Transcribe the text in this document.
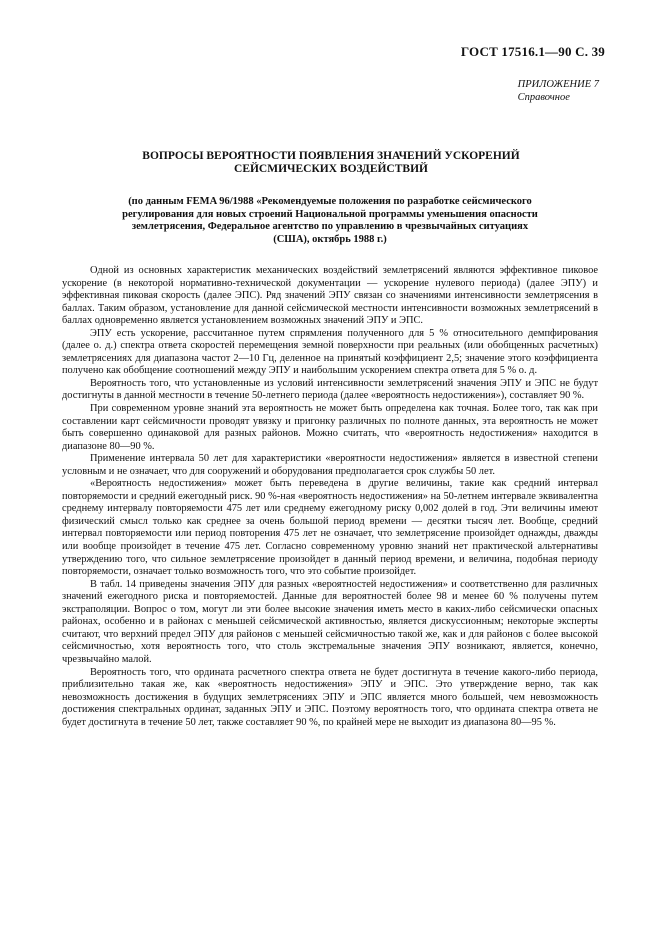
ГОСТ 17516.1—90 С. 39
ПРИЛОЖЕНИЕ 7
Справочное
ВОПРОСЫ ВЕРОЯТНОСТИ ПОЯВЛЕНИЯ ЗНАЧЕНИЙ УСКОРЕНИЙ СЕЙСМИЧЕСКИХ ВОЗДЕЙСТВИЙ
(по данным FEMA 96/1988 «Рекомендуемые положения по разработке сейсмического регулирования для новых строений Национальной программы уменьшения опасности землетрясения, Федеральное агентство по управлению в чрезвычайных ситуациях (США), октябрь 1988 г.)

Одной из основных характеристик механических воздействий землетрясений являются эффективное пиковое ускорение (в некоторой нормативно-технической документации — ускорение нулевого периода) (далее ЭПУ) и эффективная пиковая скорость (далее ЭПС). Ряд значений ЭПУ связан со значениями интенсивности землетрясения в баллах. Таким образом, установление для данной сейсмической местности интенсивности возможных землетрясений в баллах одновременно является установлением возможных значений ЭПУ и ЭПС.

ЭПУ есть ускорение, рассчитанное путем спрямления полученного для 5 % относительного демпфирования (далее о. д.) спектра ответа скоростей перемещения земной поверхности при реальных (или обобщенных расчетных) землетрясениях для диапазона частот 2—10 Гц, деленное на принятый коэффициент 2,5; значение этого коэффициента получено как обобщение соотношений между ЭПУ и наибольшим ускорением спектра ответа для 5 % о. д.

Вероятность того, что установленные из условий интенсивности землетрясений значения ЭПУ и ЭПС не будут достигнуты в данной местности в течение 50-летнего периода (далее «вероятность недостижения»), составляет 90 %.

При современном уровне знаний эта вероятность не может быть определена как точная. Более того, так как при составлении карт сейсмичности проводят увязку и пригонку различных по полноте данных, эта вероятность не может быть совершенно одинаковой для разных районов. Можно считать, что «вероятность недостижения» находится в диапазоне 80—90 %.

Применение интервала 50 лет для характеристики «вероятности недостижения» является в известной степени условным и не означает, что для сооружений и оборудования предполагается срок службы 50 лет.

«Вероятность недостижения» может быть переведена в другие величины, такие как средний интервал повторяемости и средний ежегодный риск. 90 %-ная «вероятность недостижения» на 50-летнем интервале эквивалентна среднему интервалу повторяемости 475 лет или среднему ежегодному риску 0,002 долей в год. Эти величины имеют физический смысл только как среднее за очень большой период времени — десятки тысяч лет. Вообще, средний интервал повторяемости или период повторения 475 лет не означает, что землетрясение произойдет однажды, дважды или вообще произойдет в течение 475 лет. Согласно современному уровню знаний нет практической альтернативы утверждению того, что сильное землетрясение произойдет в данный период времени, и величина, подобная периоду повторяемости, означает только возможность того, что это событие произойдет.

В табл. 14 приведены значения ЭПУ для разных «вероятностей недостижения» и соответственно для различных значений ежегодного риска и повторяемостей. Данные для вероятностей более 98 и менее 60 % получены путем экстраполяции. Вопрос о том, могут ли эти более высокие значения иметь место в каких-либо сейсмически опасных районах, особенно и в районах с меньшей сейсмической активностью, является дискуссионным; некоторые эксперты считают, что верхний предел ЭПУ для районов с меньшей сейсмичностью такой же, как и для районов с более высокой сейсмичностью, хотя вероятность того, что столь экстремальные значения ЭПУ возникают, является, конечно, чрезвычайно малой.

Вероятность того, что ордината расчетного спектра ответа не будет достигнута в течение какого-либо периода, приблизительно такая же, как «вероятность недостижения» ЭПУ и ЭПС. Это утверждение верно, так как невозможность достижения в будущих землетрясениях ЭПУ и ЭПС является много большей, чем невозможность достижения спектральных ординат, заданных ЭПУ и ЭПС. Поэтому вероятность того, что ордината спектра ответа не будет достигнута в течение 50 лет, также составляет 90 %, по крайней мере не выходит из диапазона 80—95 %.
